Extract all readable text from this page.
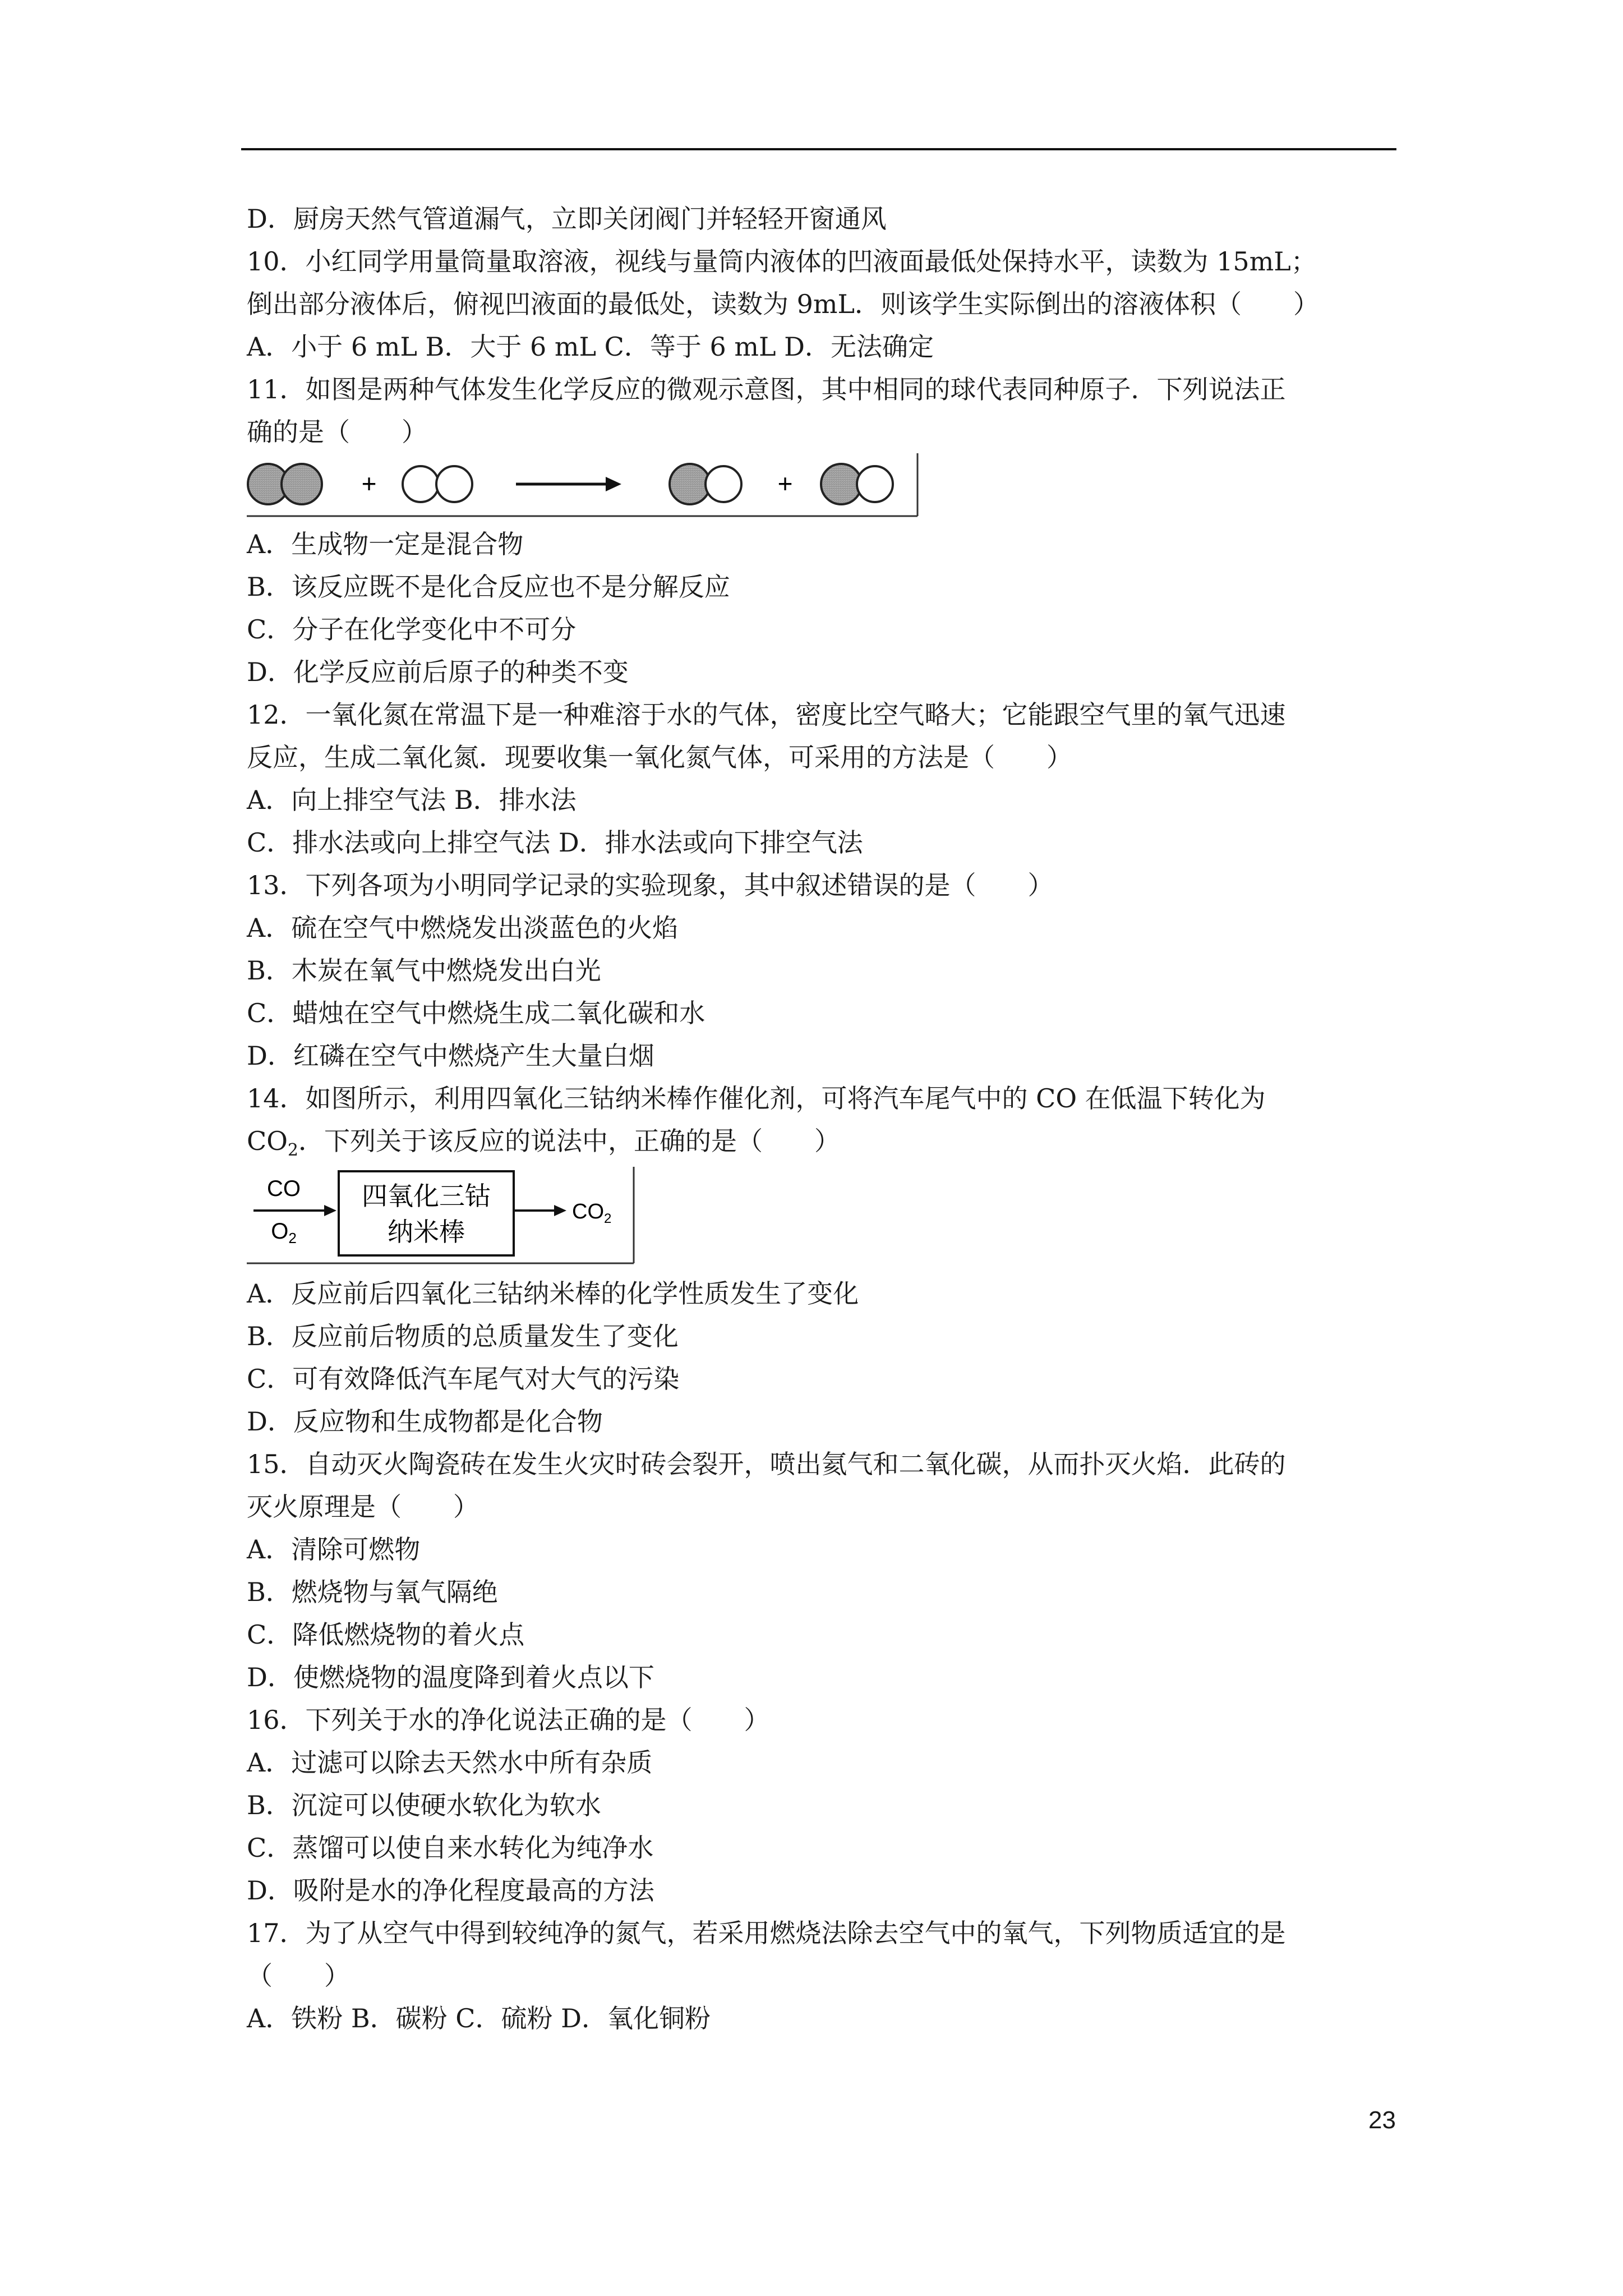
D．厨房天然气管道漏气，立即关闭阀门并轻轻开窗通风
10．小红同学用量筒量取溶液，视线与量筒内液体的凹液面最低处保持水平，读数为 15mL；
倒出部分液体后，俯视凹液面的最低处，读数为 9mL．则该学生实际倒出的溶液体积（　　）
A．小于 6 mL B．大于 6 mL C．等于 6 mL D．无法确定
11．如图是两种气体发生化学反应的微观示意图，其中相同的球代表同种原子．下列说法正
确的是（　　）
+	+
A．生成物一定是混合物
B．该反应既不是化合反应也不是分解反应
C．分子在化学变化中不可分
D．化学反应前后原子的种类不变
12．一氧化氮在常温下是一种难溶于水的气体，密度比空气略大；它能跟空气里的氧气迅速
反应，生成二氧化氮．现要收集一氧化氮气体，可采用的方法是（　　）
A．向上排空气法 B．排水法
C．排水法或向上排空气法 D．排水法或向下排空气法
13．下列各项为小明同学记录的实验现象，其中叙述错误的是（　　）
A．硫在空气中燃烧发出淡蓝色的火焰
B．木炭在氧气中燃烧发出白光
C．蜡烛在空气中燃烧生成二氧化碳和水
D．红磷在空气中燃烧产生大量白烟
14．如图所示，利用四氧化三钴纳米棒作催化剂，可将汽车尾气中的 CO 在低温下转化为
$CO_2$．下列关于该反应的说法中，正确的是（　　）
CO
$O_2$
四氧化三钴
纳米棒
$CO_2$
A．反应前后四氧化三钴纳米棒的化学性质发生了变化
B．反应前后物质的总质量发生了变化
C．可有效降低汽车尾气对大气的污染
D．反应物和生成物都是化合物
15．自动灭火陶瓷砖在发生火灾时砖会裂开，喷出氦气和二氧化碳，从而扑灭火焰．此砖的
灭火原理是（　　）
A．清除可燃物
B．燃烧物与氧气隔绝
C．降低燃烧物的着火点
D．使燃烧物的温度降到着火点以下
16．下列关于水的净化说法正确的是（　　）
A．过滤可以除去天然水中所有杂质
B．沉淀可以使硬水软化为软水
C．蒸馏可以使自来水转化为纯净水
D．吸附是水的净化程度最高的方法
17．为了从空气中得到较纯净的氮气，若采用燃烧法除去空气中的氧气，下列物质适宜的是
（　　）
A．铁粉 B．碳粉 C．硫粉 D．氧化铜粉
23
